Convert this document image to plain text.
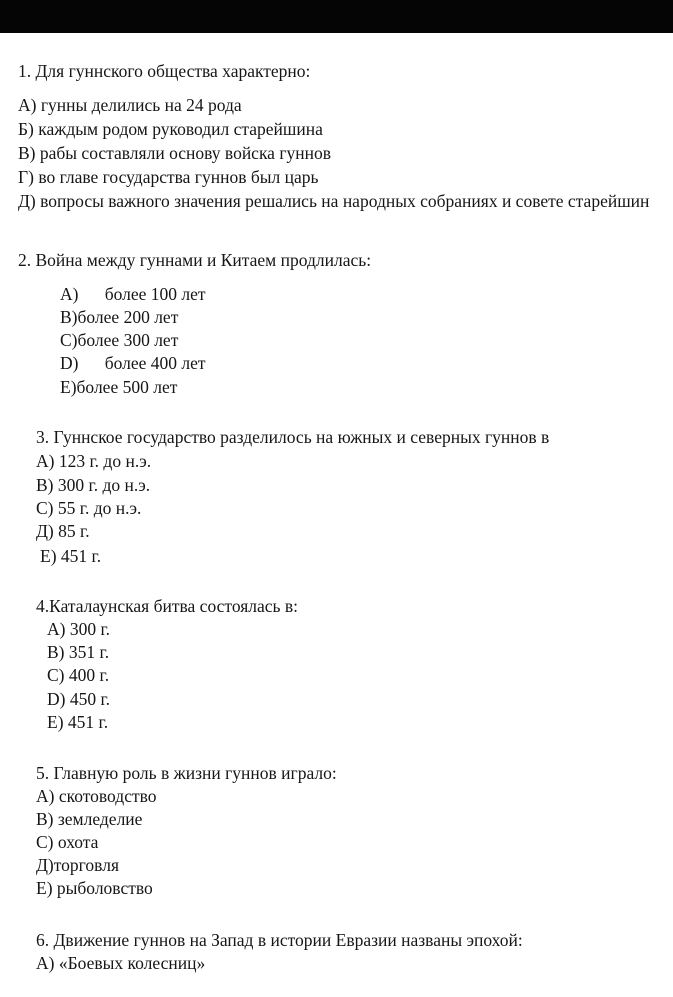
1. Для гуннского общества характерно:
А) гунны делились на 24 рода
Б) каждым родом руководил старейшина
В) рабы составляли основу войска гуннов
Г) во главе государства гуннов был царь
Д) вопросы важного значения решались на народных собраниях и совете старейшин
2. Война между гуннами и Китаем продлилась:
A)      более 100 лет
B)более 200 лет
C)более 300 лет
D)      более 400 лет
E)более 500 лет
3. Гуннское государство разделилось на южных и северных гуннов в
A) 123 г. до н.э.
B) 300 г. до н.э.
C) 55 г. до н.э.
Д) 85 г.
E) 451 г.
4.Каталаунская битва состоялась в:
A) 300 г.
B) 351 г.
C) 400 г.
D) 450 г.
E) 451 г.
5. Главную роль в жизни гуннов играло:
A) скотоводство
B) земледелие
C) охота
Д)торговля
E) рыболовство
6. Движение гуннов на Запад в истории Евразии названы эпохой:
A) «Боевых колесниц»
